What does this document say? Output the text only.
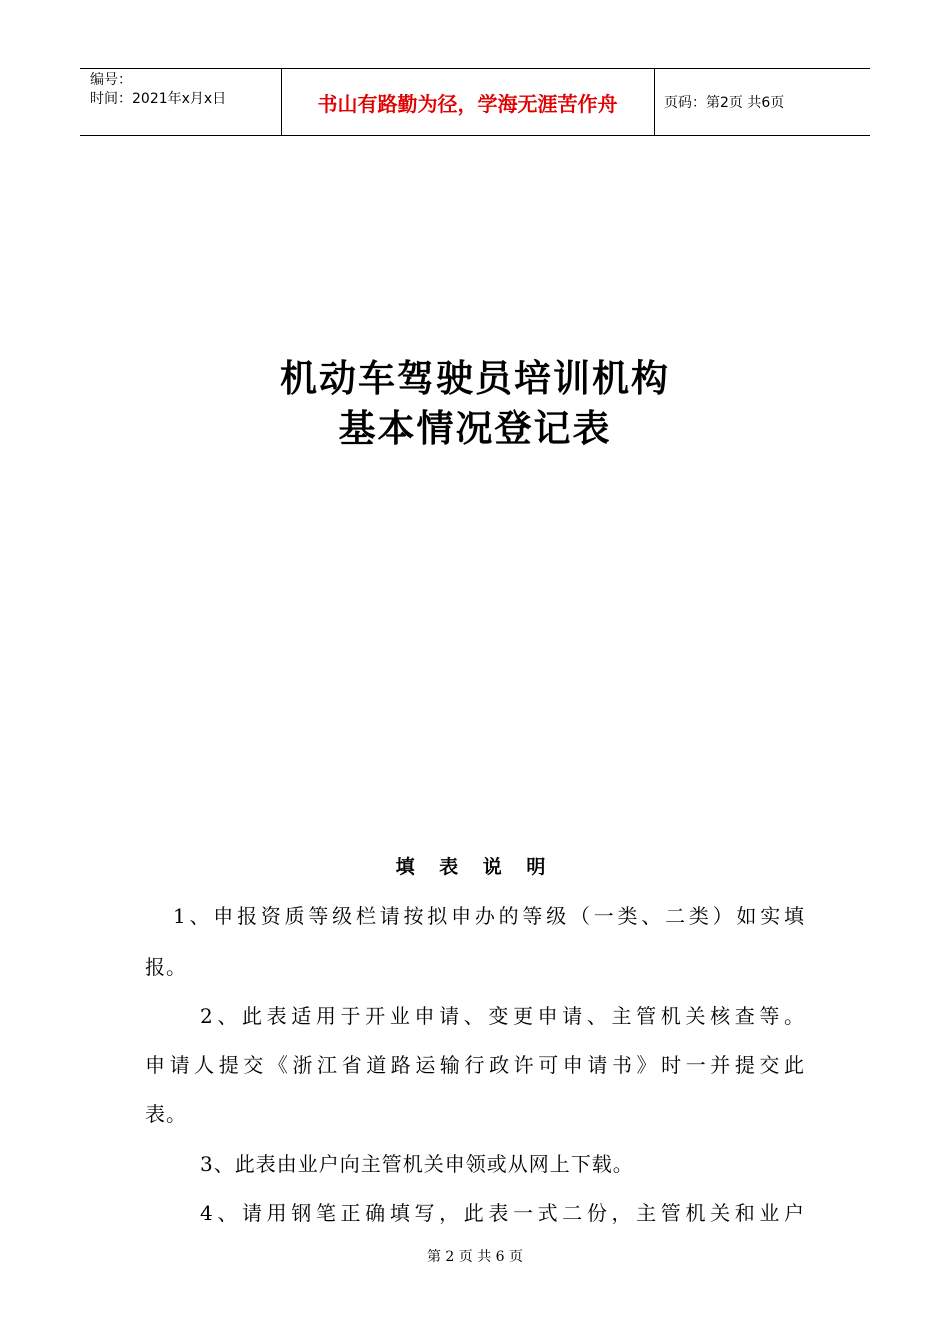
编号：
时间：2021年x月x日	书山有路勤为径，学海无涯苦作舟	页码：第2页 共6页
机动车驾驶员培训机构
基本情况登记表
填 表 说 明
1、申报资质等级栏请按拟申办的等级（一类、二类）如实填
报。
2、此表适用于开业申请、变更申请、主管机关核查等。
申请人提交《浙江省道路运输行政许可申请书》时一并提交此
表。
3、此表由业户向主管机关申领或从网上下载。
4、请用钢笔正确填写，此表一式二份，主管机关和业户
第 2 页 共 6 页
